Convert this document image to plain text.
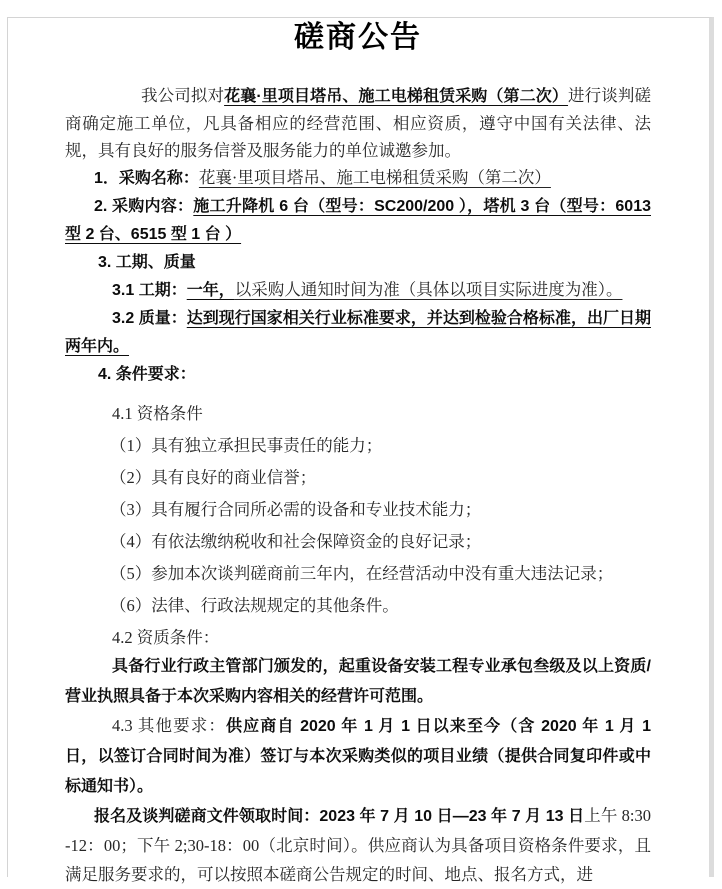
磋商公告

我公司拟对花襄·里项目塔吊、施工电梯租赁采购（第二次）进行谈判磋商确定施工单位，凡具备相应的经营范围、相应资质，遵守中国有关法律、法规，具有良好的服务信誉及服务能力的单位诚邀参加。

1．采购名称：花襄·里项目塔吊、施工电梯租赁采购（第二次）

2. 采购内容：施工升降机 6 台（型号：SC200/200 ），塔机 3 台（型号：6013 型 2 台、6515 型 1 台 ）

3. 工期、质量

3.1 工期：一年，以采购人通知时间为准（具体以项目实际进度为准）。

3.2 质量：达到现行国家相关行业标准要求，并达到检验合格标准，出厂日期两年内。

4. 条件要求：

4.1 资格条件

（1）具有独立承担民事责任的能力；

（2）具有良好的商业信誉；

（3）具有履行合同所必需的设备和专业技术能力；

（4）有依法缴纳税收和社会保障资金的良好记录；

（5）参加本次谈判磋商前三年内，在经营活动中没有重大违法记录；

（6）法律、行政法规规定的其他条件。

4.2 资质条件：

具备行业行政主管部门颁发的，起重设备安装工程专业承包叁级及以上资质/营业执照具备于本次采购内容相关的经营许可范围。

4.3 其他要求：供应商自 2020 年 1 月 1 日以来至今（含 2020 年 1 月 1 日，以签订合同时间为准）签订与本次采购类似的项目业绩（提供合同复印件或中标通知书）。

报名及谈判磋商文件领取时间：2023 年 7 月 10 日—23 年 7 月 13 日上午 8:30-12：00；下午 2;30-18：00（北京时间）。供应商认为具备项目资格条件要求，且满足服务要求的，可以按照本磋商公告规定的时间、地点、报名方式，进
